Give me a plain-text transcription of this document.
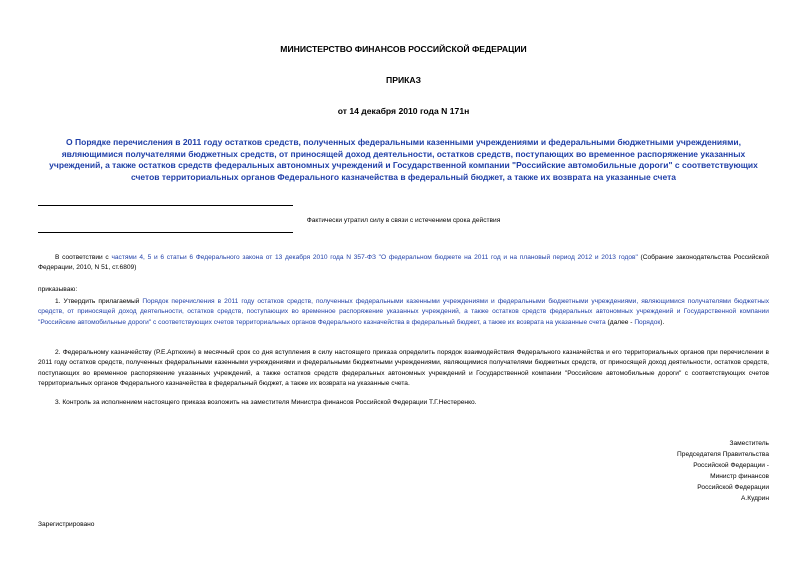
МИНИСТЕРСТВО ФИНАНСОВ РОССИЙСКОЙ ФЕДЕРАЦИИ
ПРИКАЗ
от 14 декабря 2010 года N 171н
О Порядке перечисления в 2011 году остатков средств, полученных федеральными казенными учреждениями и федеральными бюджетными учреждениями, являющимися получателями бюджетных средств, от приносящей доход деятельности, остатков средств, поступающих во временное распоряжение указанных учреждений, а также остатков средств федеральных автономных учреждений и Государственной компании "Российские автомобильные дороги" с соответствующих счетов территориальных органов Федерального казначейства в федеральный бюджет, а также их возврата на указанные счета
Фактически утратил силу в связи с истечением срока действия
В соответствии с частями 4, 5 и 6 статьи 6 Федерального закона от 13 декабря 2010 года N 357-ФЗ "О федеральном бюджете на 2011 год и на плановый период 2012 и 2013 годов" (Собрание законодательства Российской Федерации, 2010, N 51, ст.6809)
приказываю:
1. Утвердить прилагаемый Порядок перечисления в 2011 году остатков средств, полученных федеральными казенными учреждениями и федеральными бюджетными учреждениями, являющимися получателями бюджетных средств, от приносящей доход деятельности, остатков средств, поступающих во временное распоряжение указанных учреждений, а также остатков средств федеральных автономных учреждений и Государственной компании "Российские автомобильные дороги" с соответствующих счетов территориальных органов Федерального казначейства в федеральный бюджет, а также их возврата на указанные счета (далее - Порядок).
2. Федеральному казначейству (Р.Е.Артюхин) в месячный срок со дня вступления в силу настоящего приказа определить порядок взаимодействия Федерального казначейства и его территориальных органов при перечислении в 2011 году остатков средств, полученных федеральными казенными учреждениями и федеральными бюджетными учреждениями, являющимися получателями бюджетных средств, от приносящей доход деятельности, остатков средств, поступающих во временное распоряжение указанных учреждений, а также остатков средств федеральных автономных учреждений и Государственной компании "Российские автомобильные дороги" с соответствующих счетов территориальных органов Федерального казначейства в федеральный бюджет, а также их возврата на указанные счета.
3. Контроль за исполнением настоящего приказа возложить на заместителя Министра финансов Российской Федерации Т.Г.Нестеренко.
Заместитель
Председателя Правительства
Российской Федерации -
Министр финансов
Российской Федерации
А.Кудрин
Зарегистрировано
